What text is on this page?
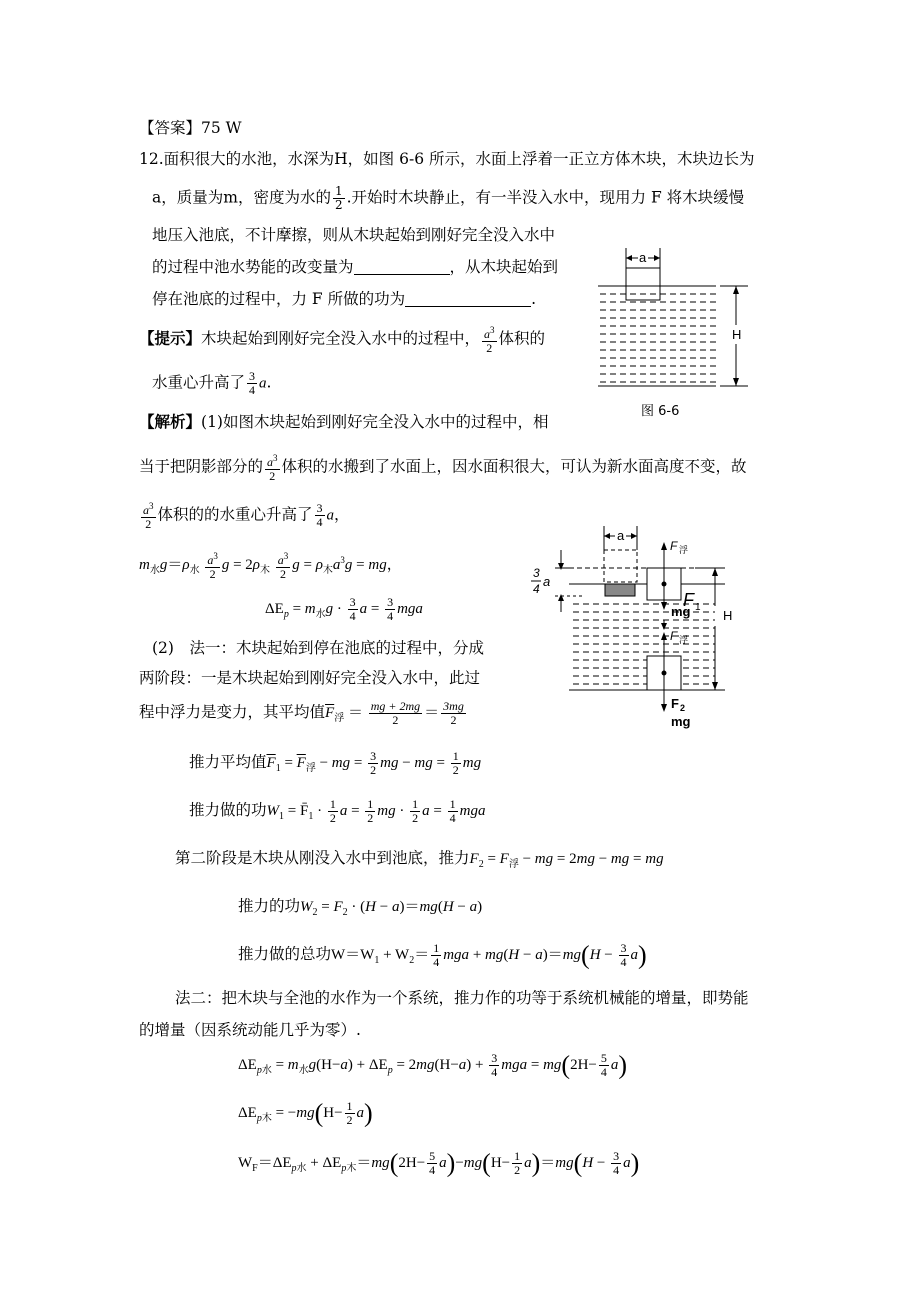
【答案】75 W
12.面积很大的水池，水深为H，如图 6-6 所示，水面上浮着一正立方体木块，木块边长为
a，质量为m，密度为水的 $\frac{1}{2}$ .开始时木块静止，有一半没入水中，现用力 F 将木块缓慢
地压入池底，不计摩擦，则从木块起始到刚好完全没入水中
的过程中池水势能的改变量为	，从木块起始到
停在池底的过程中，力 F 所做的功为	.
【提示】木块起始到刚好完全没入水中的过程中， $\frac{a^3}{2}$ 体积的
水重心升高了 $\frac{3}{4} a$.
a
H
图 6-6
【解析】(1)如图木块起始到刚好完全没入水中的过程中，相
当于把阴影部分的 $\frac{a^3}{2}$ 体积的水搬到了水面上，因水面积很大，可认为新水面高度不变，故
$\frac{a^3}{2}$ 体积的的水重心升高了 $\frac{3}{4}$ a，
$m_水g=\rho_水 \frac{a^3}{2}$ $g = 2\rho_木 \frac{a^3}{2}$ $g = \rho_木a^3g$ = mg，
$\Delta E_p = m_水g \cdot \frac{3}{4}$ $a = \frac{3}{4}$ mga
(2)　法一：木块起始到停在池底的过程中，分成
两阶段：一是木块起始到刚好完全没入水中，此过
程中浮力是变力，其平均值$\overline{F}_浮 = \frac{mg + 2mg}{2} = \frac{3mg}{2}$
推力平均值$\overline{F}_1 = \overline{F}_浮$ − mg = $\frac{3}{2}$ mg − mg = $\frac{1}{2}$ mg
推力做的功$W_1$ = $F̄_1 \cdot \frac{1}{2}$ $a = \frac{1}{2}$ mg · $\frac{1}{2}$ $a = \frac{1}{4}$ mga
第二阶段是木块从刚没入水中到池底，推力$F_2 = F_浮$ − mg = 2mg − mg = mg
推力的功$W_2 = F_2 \cdot (H - a)=mg(H - a)$
推力做的总功$W=W_1 + W_2= \frac{1}{4}$ mga + $mg(H - a)=mg(H - \frac{3}{4} a)$
法二：把木块与全池的水作为一个系统，推力作的功等于系统机械能的增量，即势能
的增量（因系统动能几乎为零）.
$\Delta E_{p水} = m_水g(H-a) + \Delta E_p = 2mg(H-a) + \frac{3}{4}$ mga = $mg(2H- \frac{5}{4} a)$
$\Delta E_{p木} = -mg(H- \frac{1}{2} a)$
$W_F=\Delta E_{p水} + \Delta E_{p木}=mg(2H- \frac{5}{4} a)-mg(H- \frac{1}{2} a)=mg(H - \frac{3}{4} a)$
a
3
4 a
F 浮
F 1
mg
F 浮
F 2
mg
H
